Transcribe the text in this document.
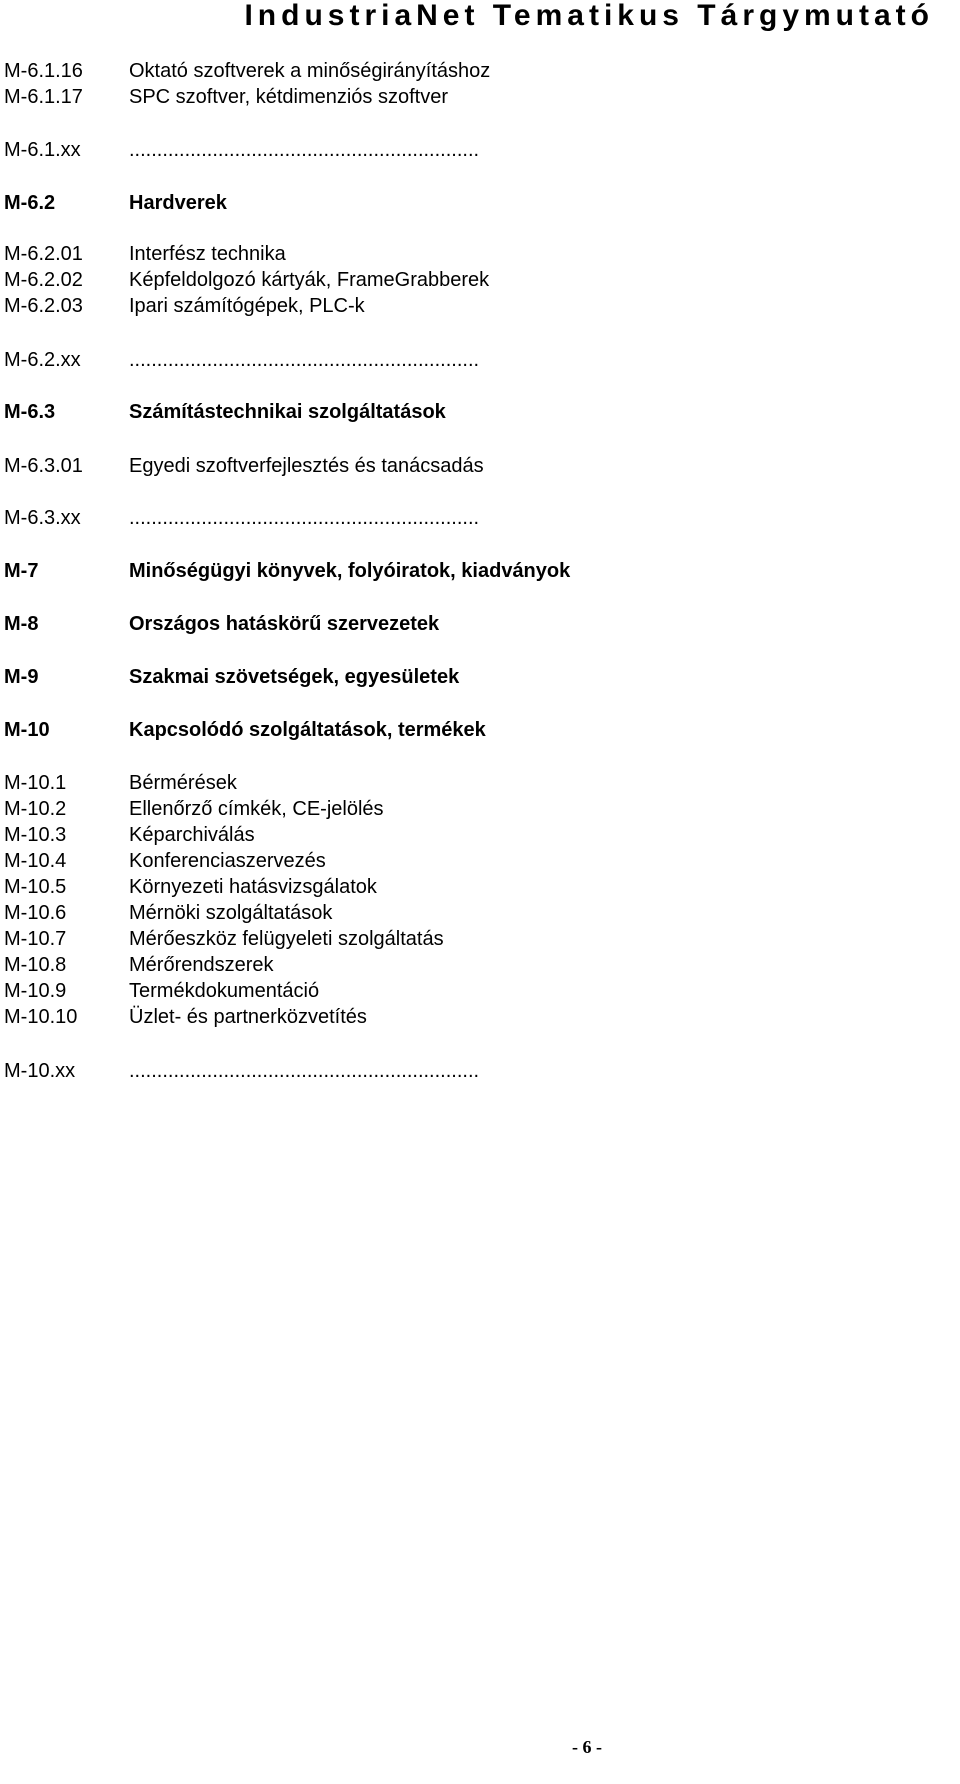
IndustriaNet Tematikus Tárgymutató
M-6.1.16 Oktató szoftverek a minőségirányításhoz
M-6.1.17 SPC szoftver, kétdimenziós szoftver
M-6.1.xx ...............................................................
M-6.2	Hardverek
M-6.2.01 Interfész technika
M-6.2.02 Képfeldolgozó kártyák, FrameGrabberek
M-6.2.03 Ipari számítógépek, PLC-k
M-6.2.xx ...............................................................
M-6.3	Számítástechnikai szolgáltatások
M-6.3.01 Egyedi szoftverfejlesztés és tanácsadás
M-6.3.xx ...............................................................
M-7	Minőségügyi könyvek, folyóiratok, kiadványok
M-8	Országos hatáskörű szervezetek
M-9	Szakmai szövetségek, egyesületek
M-10	Kapcsolódó szolgáltatások, termékek
M-10.1	Bérmérések
M-10.2	Ellenőrző címkék, CE-jelölés
M-10.3	Képarchiválás
M-10.4	Konferenciaszervezés
M-10.5	Környezeti hatásvizsgálatok
M-10.6	Mérnöki szolgáltatások
M-10.7	Mérőeszköz felügyeleti szolgáltatás
M-10.8	Mérőrendszerek
M-10.9	Termékdokumentáció
M-10.10	Üzlet- és partnerközvetítés
M-10.xx	...............................................................
- 6 -
